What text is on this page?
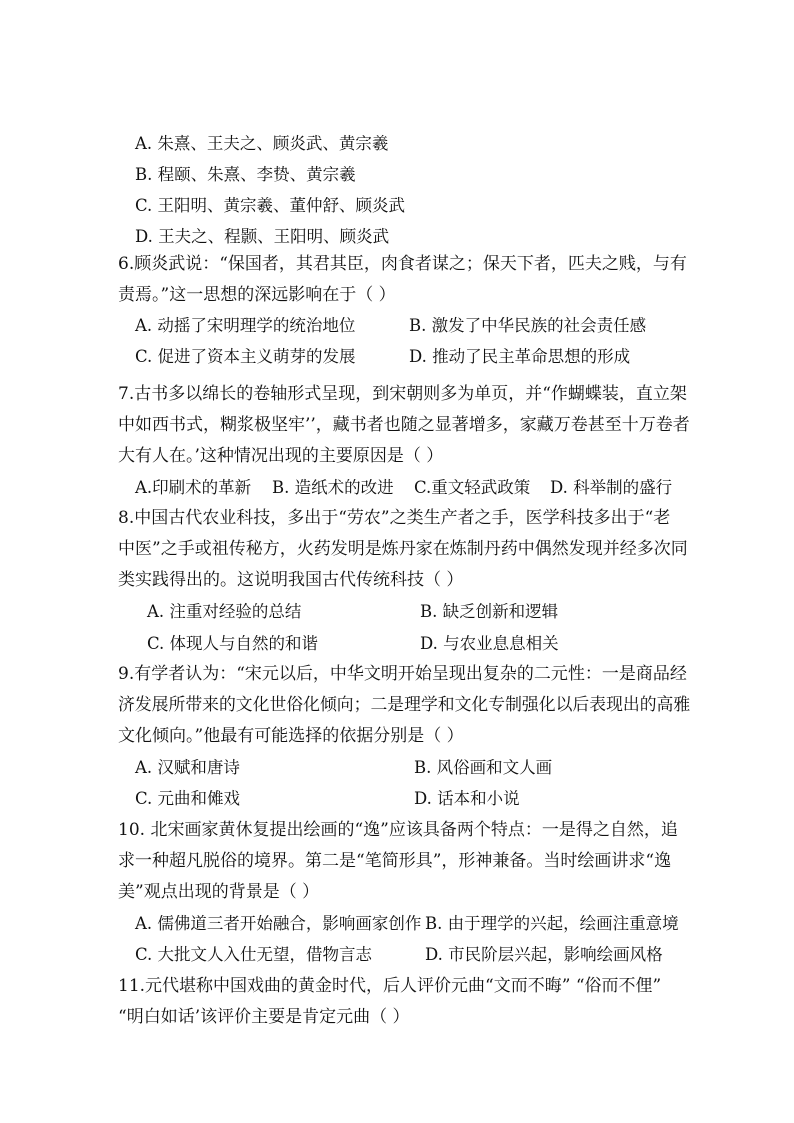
A. 朱熹、王夫之、顾炎武、黄宗羲
B. 程颐、朱熹、李贽、黄宗羲
C. 王阳明、黄宗羲、董仲舒、顾炎武
D. 王夫之、程颢、王阳明、顾炎武
6.顾炎武说：“保国者，其君其臣，肉食者谋之；保天下者，匹夫之贱，与有
责焉。”这一思想的深远影响在于（ ）
A. 动摇了宋明理学的统治地位	B. 激发了中华民族的社会责任感
C. 促进了资本主义萌芽的发展	D. 推动了民主革命思想的形成
7.古书多以绵长的卷轴形式呈现，到宋朝则多为单页，并“作蝴蝶装，直立架
中如西书式，糊浆极坚牢’’，藏书者也随之显著增多，家藏万卷甚至十万卷者
大有人在。’这种情况出现的主要原因是（ ）
A.印刷术的革新 B. 造纸术的改进 C.重文轻武政策 D. 科举制的盛行
8.中国古代农业科技，多出于“劳农”之类生产者之手，医学科技多出于“老
中医”之手或祖传秘方，火药发明是炼丹家在炼制丹药中偶然发现并经多次同
类实践得出的。这说明我国古代传统科技（ ）
A. 注重对经验的总结	B. 缺乏创新和逻辑
C. 体现人与自然的和谐	D. 与农业息息相关
9.有学者认为：“宋元以后，中华文明开始呈现出复杂的二元性：一是商品经
济发展所带来的文化世俗化倾向；二是理学和文化专制强化以后表现出的高雅
文化倾向。”他最有可能选择的依据分别是（ ）
A. 汉赋和唐诗	B. 风俗画和文人画
C. 元曲和傩戏	D. 话本和小说
10. 北宋画家黄休复提出绘画的“逸”应该具备两个特点：一是得之自然，追
求一种超凡脱俗的境界。第二是“笔简形具”，形神兼备。当时绘画讲求“逸
美”观点出现的背景是（ ）
A. 儒佛道三者开始融合，影响画家创作 B. 由于理学的兴起，绘画注重意境
C. 大批文人入仕无望，借物言志	D. 市民阶层兴起，影响绘画风格
11.元代堪称中国戏曲的黄金时代，后人评价元曲“文而不晦” “俗而不俚”
“明白如话’该评价主要是肯定元曲（ ）
